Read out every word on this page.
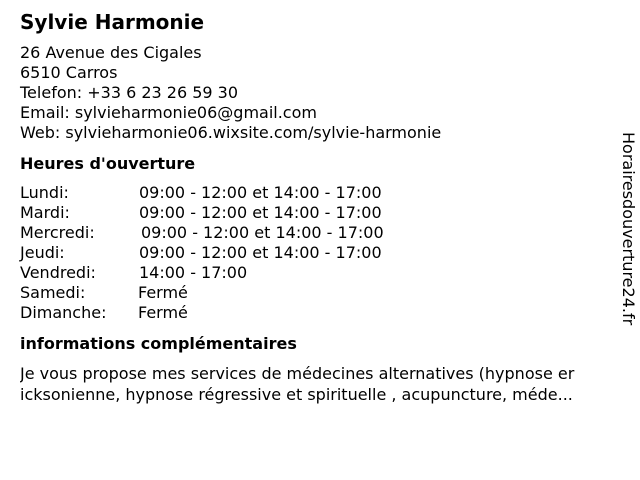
Sylvie Harmonie
26 Avenue des Cigales
6510 Carros
Telefon: +33 6 23 26 59 30
Email: sylvieharmonie06@gmail.com
Web: sylvieharmonie06.wixsite.com/sylvie-harmonie
Heures d'ouverture
Lundi:	09:00 - 12:00 et 14:00 - 17:00
Mardi:	09:00 - 12:00 et 14:00 - 17:00
Mercredi:	09:00 - 12:00 et 14:00 - 17:00
Jeudi:	09:00 - 12:00 et 14:00 - 17:00
Vendredi:	14:00 - 17:00
Samedi:	Fermé
Dimanche: Fermé
informations complémentaires
Je vous propose mes services de médecines alternatives (hypnose er
icksonienne, hypnose régressive et spirituelle , acupuncture, méde...
Horairesdouverture24.fr
